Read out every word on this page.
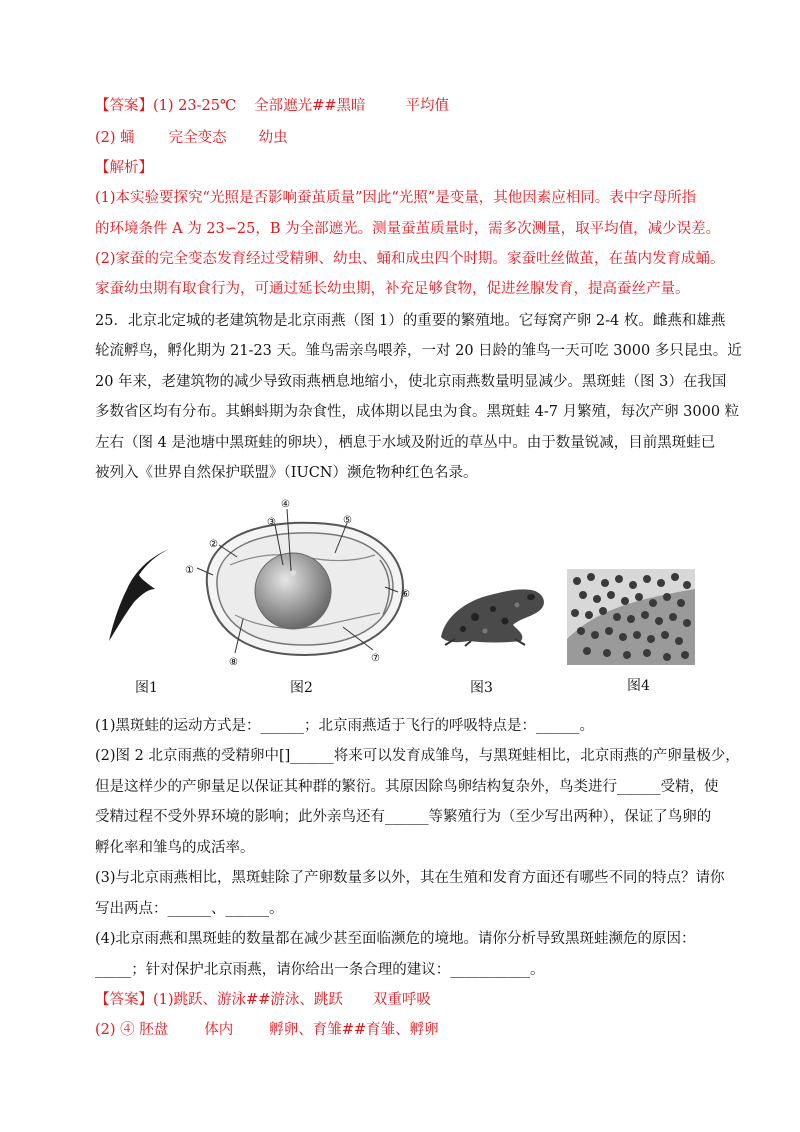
【答案】(1) 23-25℃ 全部遮光##黑暗	平均值
(2) 蛹 完全变态 幼虫
【解析】
(1)本实验要探究“光照是否影响蚕茧质量”因此“光照”是变量，其他因素应相同。表中字母所指
的环境条件 A 为 23∽25，B 为全部遮光。测量蚕茧质量时，需多次测量，取平均值，减少误差。
(2)家蚕的完全变态发育经过受精卵、幼虫、蛹和成虫四个时期。家蚕吐丝做茧，在茧内发育成蛹。
家蚕幼虫期有取食行为，可通过延长幼虫期，补充足够食物，促进丝腺发育，提高蚕丝产量。
25．北京北定城的老建筑物是北京雨燕（图 1）的重要的繁殖地。它每窝产卵 2-4 枚。雌燕和雄燕
轮流孵鸟，孵化期为 21-23 天。雏鸟需亲鸟喂养，一对 20 日龄的雏鸟一天可吃 3000 多只昆虫。近
20 年来，老建筑物的减少导致雨燕栖息地缩小，使北京雨燕数量明显减少。黑斑蛙（图 3）在我国
多数省区均有分布。其蝌蚪期为杂食性，成体期以昆虫为食。黑斑蛙 4-7 月繁殖，每次产卵 3000 粒
左右（图 4 是池塘中黑斑蛙的卵块），栖息于水域及附近的草丛中。由于数量锐减，目前黑斑蛙已
被列入《世界自然保护联盟》（IUCN）濒危物种红色名录。
④
③	⑤
②
①
⑥
⑦
⑧
图1	图2	图3	图4
(1)黑斑蛙的运动方式是：______；北京雨燕适于飞行的呼吸特点是：______。
(2)图 2 北京雨燕的受精卵中[]______将来可以发育成雏鸟，与黑斑蛙相比，北京雨燕的产卵量极少，
但是这样少的产卵量足以保证其种群的繁衍。其原因除鸟卵结构复杂外，鸟类进行______受精，使
受精过程不受外界环境的影响；此外亲鸟还有______等繁殖行为（至少写出两种），保证了鸟卵的
孵化率和雏鸟的成活率。
(3)与北京雨燕相比，黑斑蛙除了产卵数量多以外，其在生殖和发育方面还有哪些不同的特点？请你
写出两点：______、______。
(4)北京雨燕和黑斑蛙的数量都在减少甚至面临濒危的境地。请你分析导致黑斑蛙濒危的原因：
_____；针对保护北京雨燕，请你给出一条合理的建议：___________。
【答案】(1)跳跃、游泳##游泳、跳跃 双重呼吸
(2) ④ 胚盘 体内 孵卵、育雏##育雏、孵卵
